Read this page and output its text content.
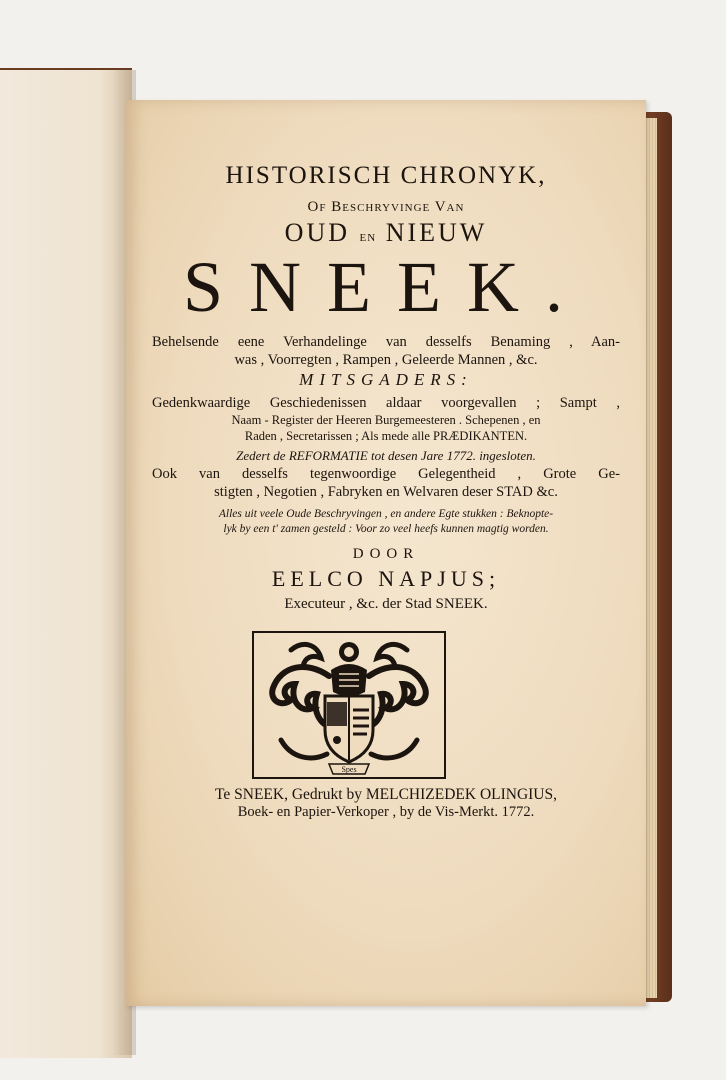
HISTORISCH CHRONYK,
Of Beschryvinge Van
OUD en NIEUW
SNEEK.
Behelsende eene Verhandelinge van desselfs Benaming , Aan-
was , Voorregten , Rampen , Geleerde Mannen , &c.
MITSGADERS:
Gedenkwaardige Geschiedenissen aldaar voorgevallen ; Sampt ,
Naam - Register der Heeren Burgemeesteren . Schepenen , en
Raden , Secretarissen ; Als mede alle PRÆDIKANTEN.
Zedert de REFORMATIE tot desen Jare 1772. ingesloten.
Ook van desselfs tegenwoordige Gelegentheid , Grote Ge-
stigten , Negotien , Fabryken en Welvaren deser STAD &c.
Alles uit veele Oude Beschryvingen , en andere Egte stukken : Beknopte-
lyk by een t' zamen gesteld : Voor zo veel heefs kunnen magtig worden.
DOOR
EELCO NAPJUS;
Executeur , &c. der Stad SNEEK.
Spes
Te SNEEK, Gedrukt by MELCHIZEDEK OLINGIUS,
Boek- en Papier-Verkoper , by de Vis-Merkt. 1772.
